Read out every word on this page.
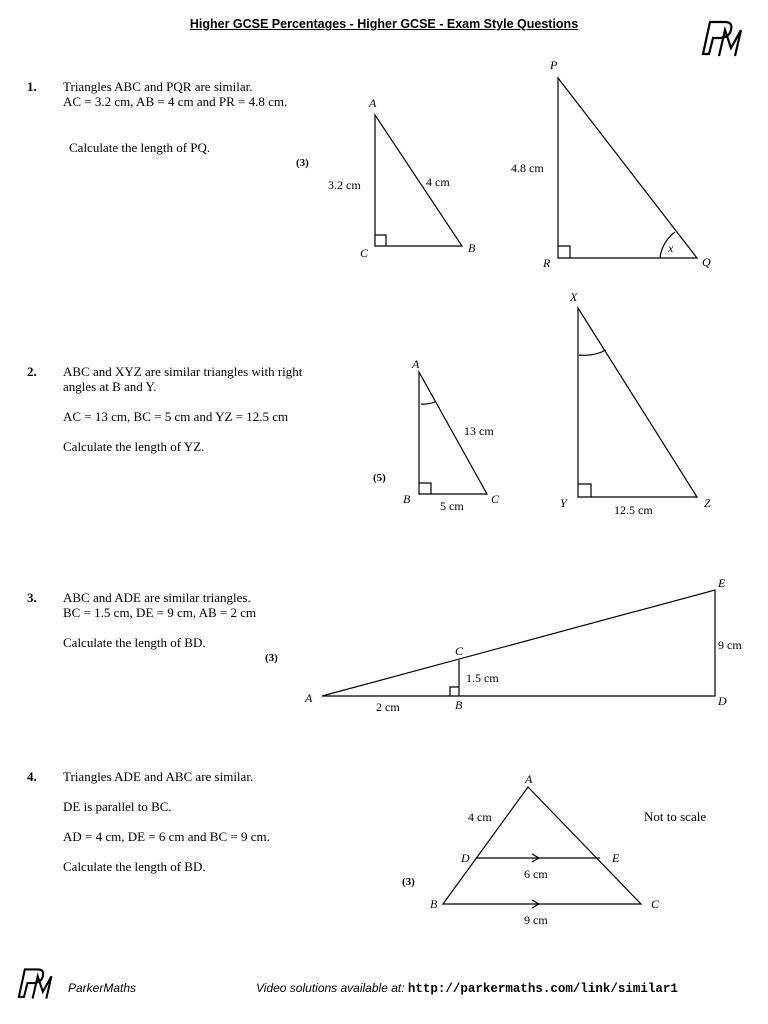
Higher GCSE Percentages - Higher GCSE - Exam Style Questions
1. Triangles ABC and PQR are similar.

AC = 3.2 cm, AB = 4 cm and PR = 4.8 cm.

Calculate the length of PQ.
(3)
2. ABC and XYZ are similar triangles with right

angles at B and Y.

AC = 13 cm, BC = 5 cm and YZ = 12.5 cm

Calculate the length of YZ.

(5)
3. ABC and ADE are similar triangles.

BC = 1.5 cm, DE = 9 cm, AB = 2 cm

Calculate the length of BD.

(3)
4. Triangles ADE and ABC are similar.

DE is parallel to BC.

AD = 4 cm, DE = 6 cm and BC = 9 cm.

Calculate the length of BD.

(3)
Not to scale
A
C	B
3.2 cm	4 cm
P
R	Q
4.8 cm
x
A
B	C
13 cm
5 cm
X
Y	Z
12.5 cm
A	B
C
D
E
1.5 cm
9 cm
2 cm
A
D	E
B	C
4 cm
6 cm
9 cm
ParkerMaths	Video solutions available at: http://parkermaths.com/link/similar1
